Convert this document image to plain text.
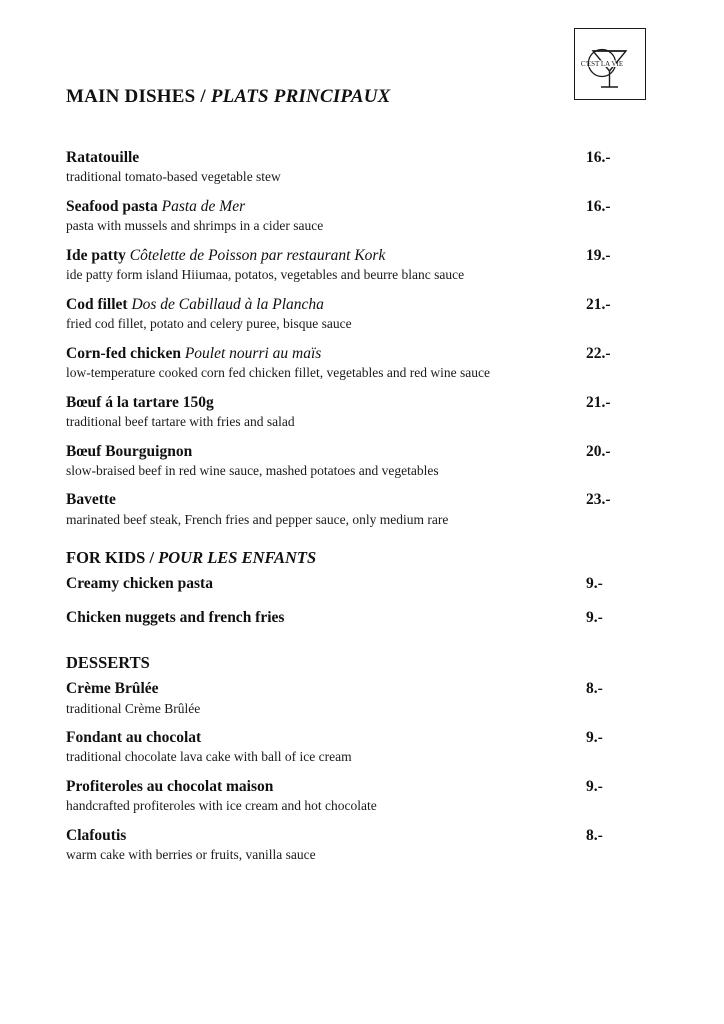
C'EST LA VIE
MAIN DISHES / PLATS PRINCIPAUX
Ratatouille	16.-
traditional tomato-based vegetable stew
Seafood pasta Pasta de Mer	16.-
pasta with mussels and shrimps in a cider sauce
Ide patty Côtelette de Poisson par restaurant Kork	19.-
ide patty form island Hiiumaa, potatos, vegetables and beurre blanc sauce
Cod fillet Dos de Cabillaud à la Plancha	21.-
fried cod fillet, potato and celery puree, bisque sauce
Corn-fed chicken Poulet nourri au maïs	22.-
low-temperature cooked corn fed chicken fillet, vegetables and red wine sauce
Bœuf á la tartare 150g	21.-
traditional beef tartare with fries and salad
Bœuf Bourguignon	20.-
slow-braised beef in red wine sauce, mashed potatoes and vegetables
Bavette	23.-
marinated beef steak, French fries and pepper sauce, only medium rare
FOR KIDS / POUR LES ENFANTS
Creamy chicken pasta	9.-
Chicken nuggets and french fries	9.-
DESSERTS
Crème Brûlée	8.-
traditional Crème Brûlée
Fondant au chocolat	9.-
traditional chocolate lava cake with ball of ice cream
Profiteroles au chocolat maison	9.-
handcrafted profiteroles with ice cream and hot chocolate
Clafoutis	8.-
warm cake with berries or fruits, vanilla sauce
